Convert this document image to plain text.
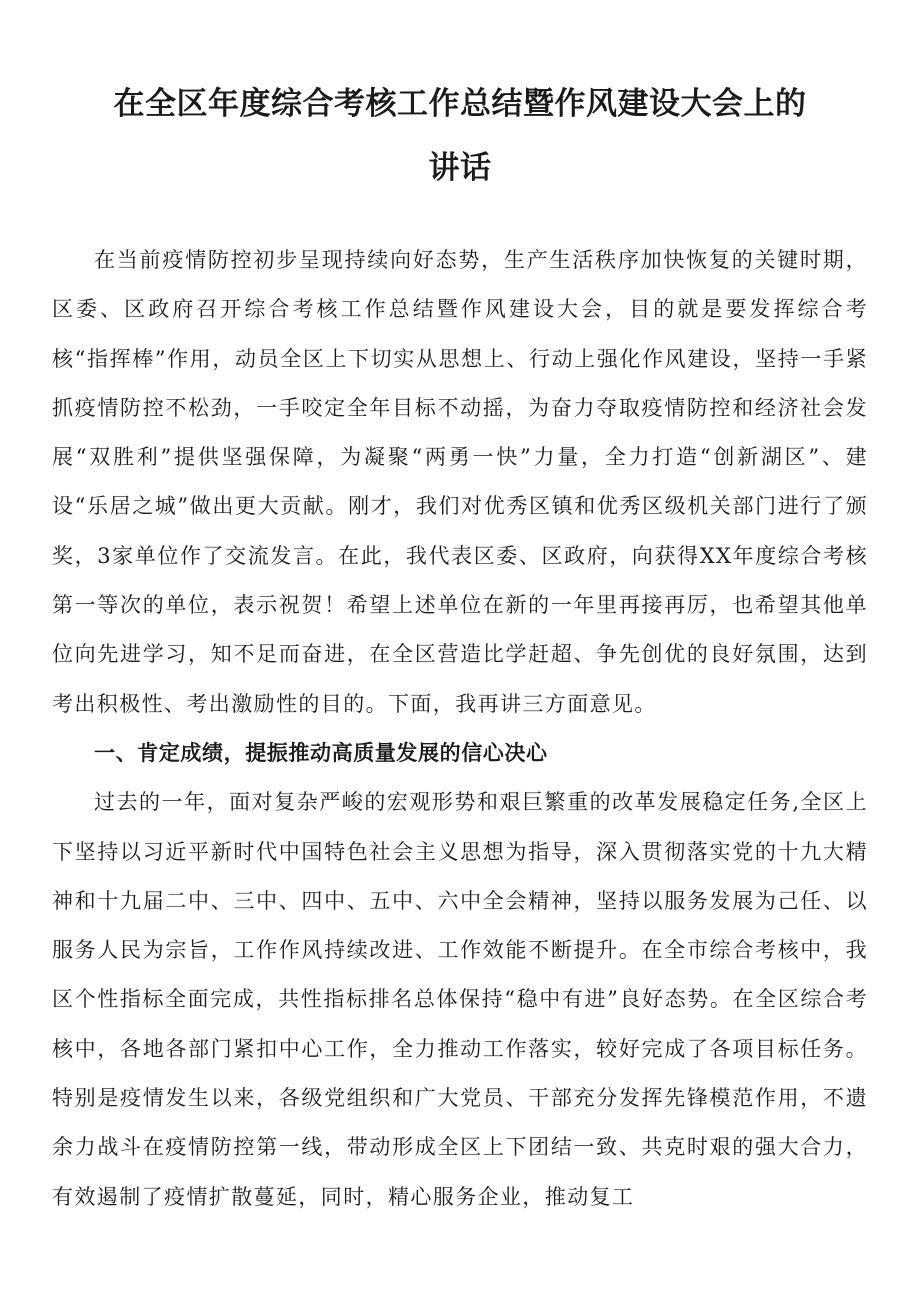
在全区年度综合考核工作总结暨作风建设大会上的
讲话

在当前疫情防控初步呈现持续向好态势，生产生活秩序加快恢复的关键时期，区委、区政府召开综合考核工作总结暨作风建设大会，目的就是要发挥综合考核“指挥棒”作用，动员全区上下切实从思想上、行动上强化作风建设，坚持一手紧抓疫情防控不松劲，一手咬定全年目标不动摇，为奋力夺取疫情防控和经济社会发展“双胜利”提供坚强保障，为凝聚“两勇一快”力量，全力打造“创新湖区”、建设“乐居之城”做出更大贡献。刚才，我们对优秀区镇和优秀区级机关部门进行了颁奖，3家单位作了交流发言。在此，我代表区委、区政府，向获得XX年度综合考核第一等次的单位，表示祝贺！希望上述单位在新的一年里再接再厉，也希望其他单位向先进学习，知不足而奋进，在全区营造比学赶超、争先创优的良好氛围，达到考出积极性、考出激励性的目的。下面，我再讲三方面意见。

一、肯定成绩，提振推动高质量发展的信心决心

过去的一年，面对复杂严峻的宏观形势和艰巨繁重的改革发展稳定任务,全区上下坚持以习近平新时代中国特色社会主义思想为指导，深入贯彻落实党的十九大精神和十九届二中、三中、四中、五中、六中全会精神，坚持以服务发展为己任、以服务人民为宗旨，工作作风持续改进、工作效能不断提升。在全市综合考核中，我区个性指标全面完成，共性指标排名总体保持“稳中有进”良好态势。在全区综合考核中，各地各部门紧扣中心工作，全力推动工作落实，较好完成了各项目标任务。特别是疫情发生以来，各级党组织和广大党员、干部充分发挥先锋模范作用，不遗余力战斗在疫情防控第一线，带动形成全区上下团结一致、共克时艰的强大合力，有效遏制了疫情扩散蔓延，同时，精心服务企业，推动复工
